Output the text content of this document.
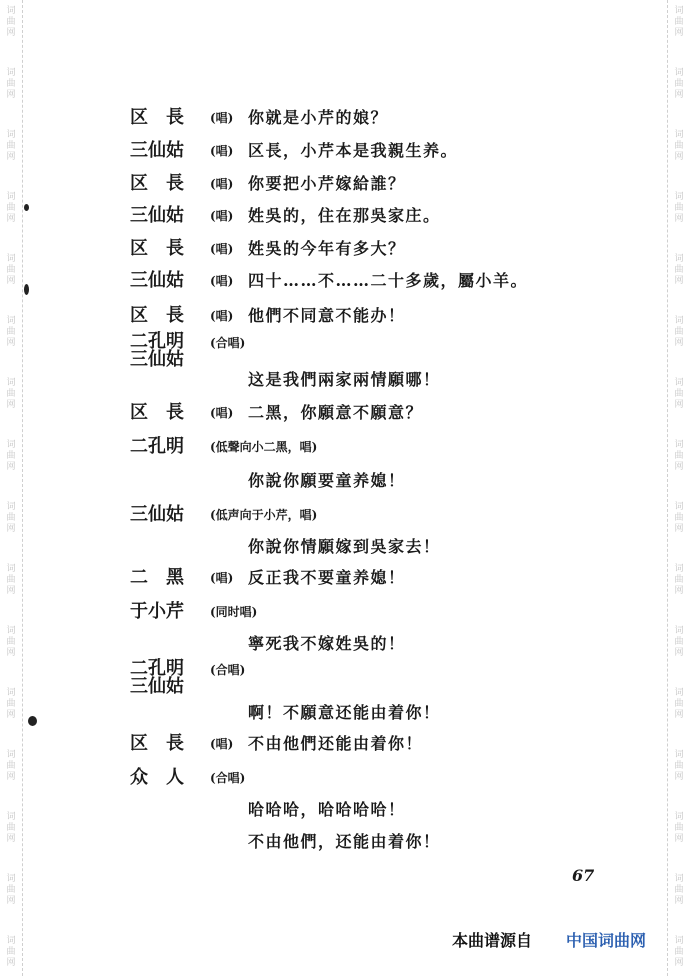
词
曲
网
词
曲
网
词
曲
网
词
曲
网
词
曲
网
词
曲
网
词
曲
网
词
曲
网
词
曲
网
词
曲
网
词
曲
网
词
曲
网
词
曲
网
词
曲
网
词
曲
网
词
曲
网
词
曲
网
词
曲
网
词
曲
网
词
曲
网
词
曲
网
词
曲
网
词
曲
网
词
曲
网
词
曲
网
词
曲
网
词
曲
网
词
曲
网
词
曲
网
词
曲
网
词
曲
网
词
曲
网
区　長 (唱) 你就是小芹的娘？
三仙姑 (唱) 区長，小芹本是我親生养。
区　長 (唱) 你要把小芹嫁給誰？
三仙姑 (唱) 姓吳的，住在那吳家庄。
区　長 (唱) 姓吳的今年有多大？
三仙姑 (唱) 四十……不……二十多歲，屬小羊。
区　長 (唱) 他們不同意不能办！
二孔明
三仙姑
(合唱)
这是我們兩家兩情願哪！
区　長 (唱) 二黑，你願意不願意？
二孔明 (低聲向小二黑，唱)
你說你願要童养媳！
三仙姑 (低声向于小芹，唱)
你說你情願嫁到吳家去！
二　黑 (唱) 反正我不要童养媳！
于小芹 (同时唱)
寧死我不嫁姓吳的！
二孔明
三仙姑
(合唱)
啊！不願意还能由着你！
区　長 (唱) 不由他們还能由着你！
众　人 (合唱)
哈哈哈，哈哈哈哈！
不由他們，还能由着你！
67
本曲谱源自 中国词曲网
